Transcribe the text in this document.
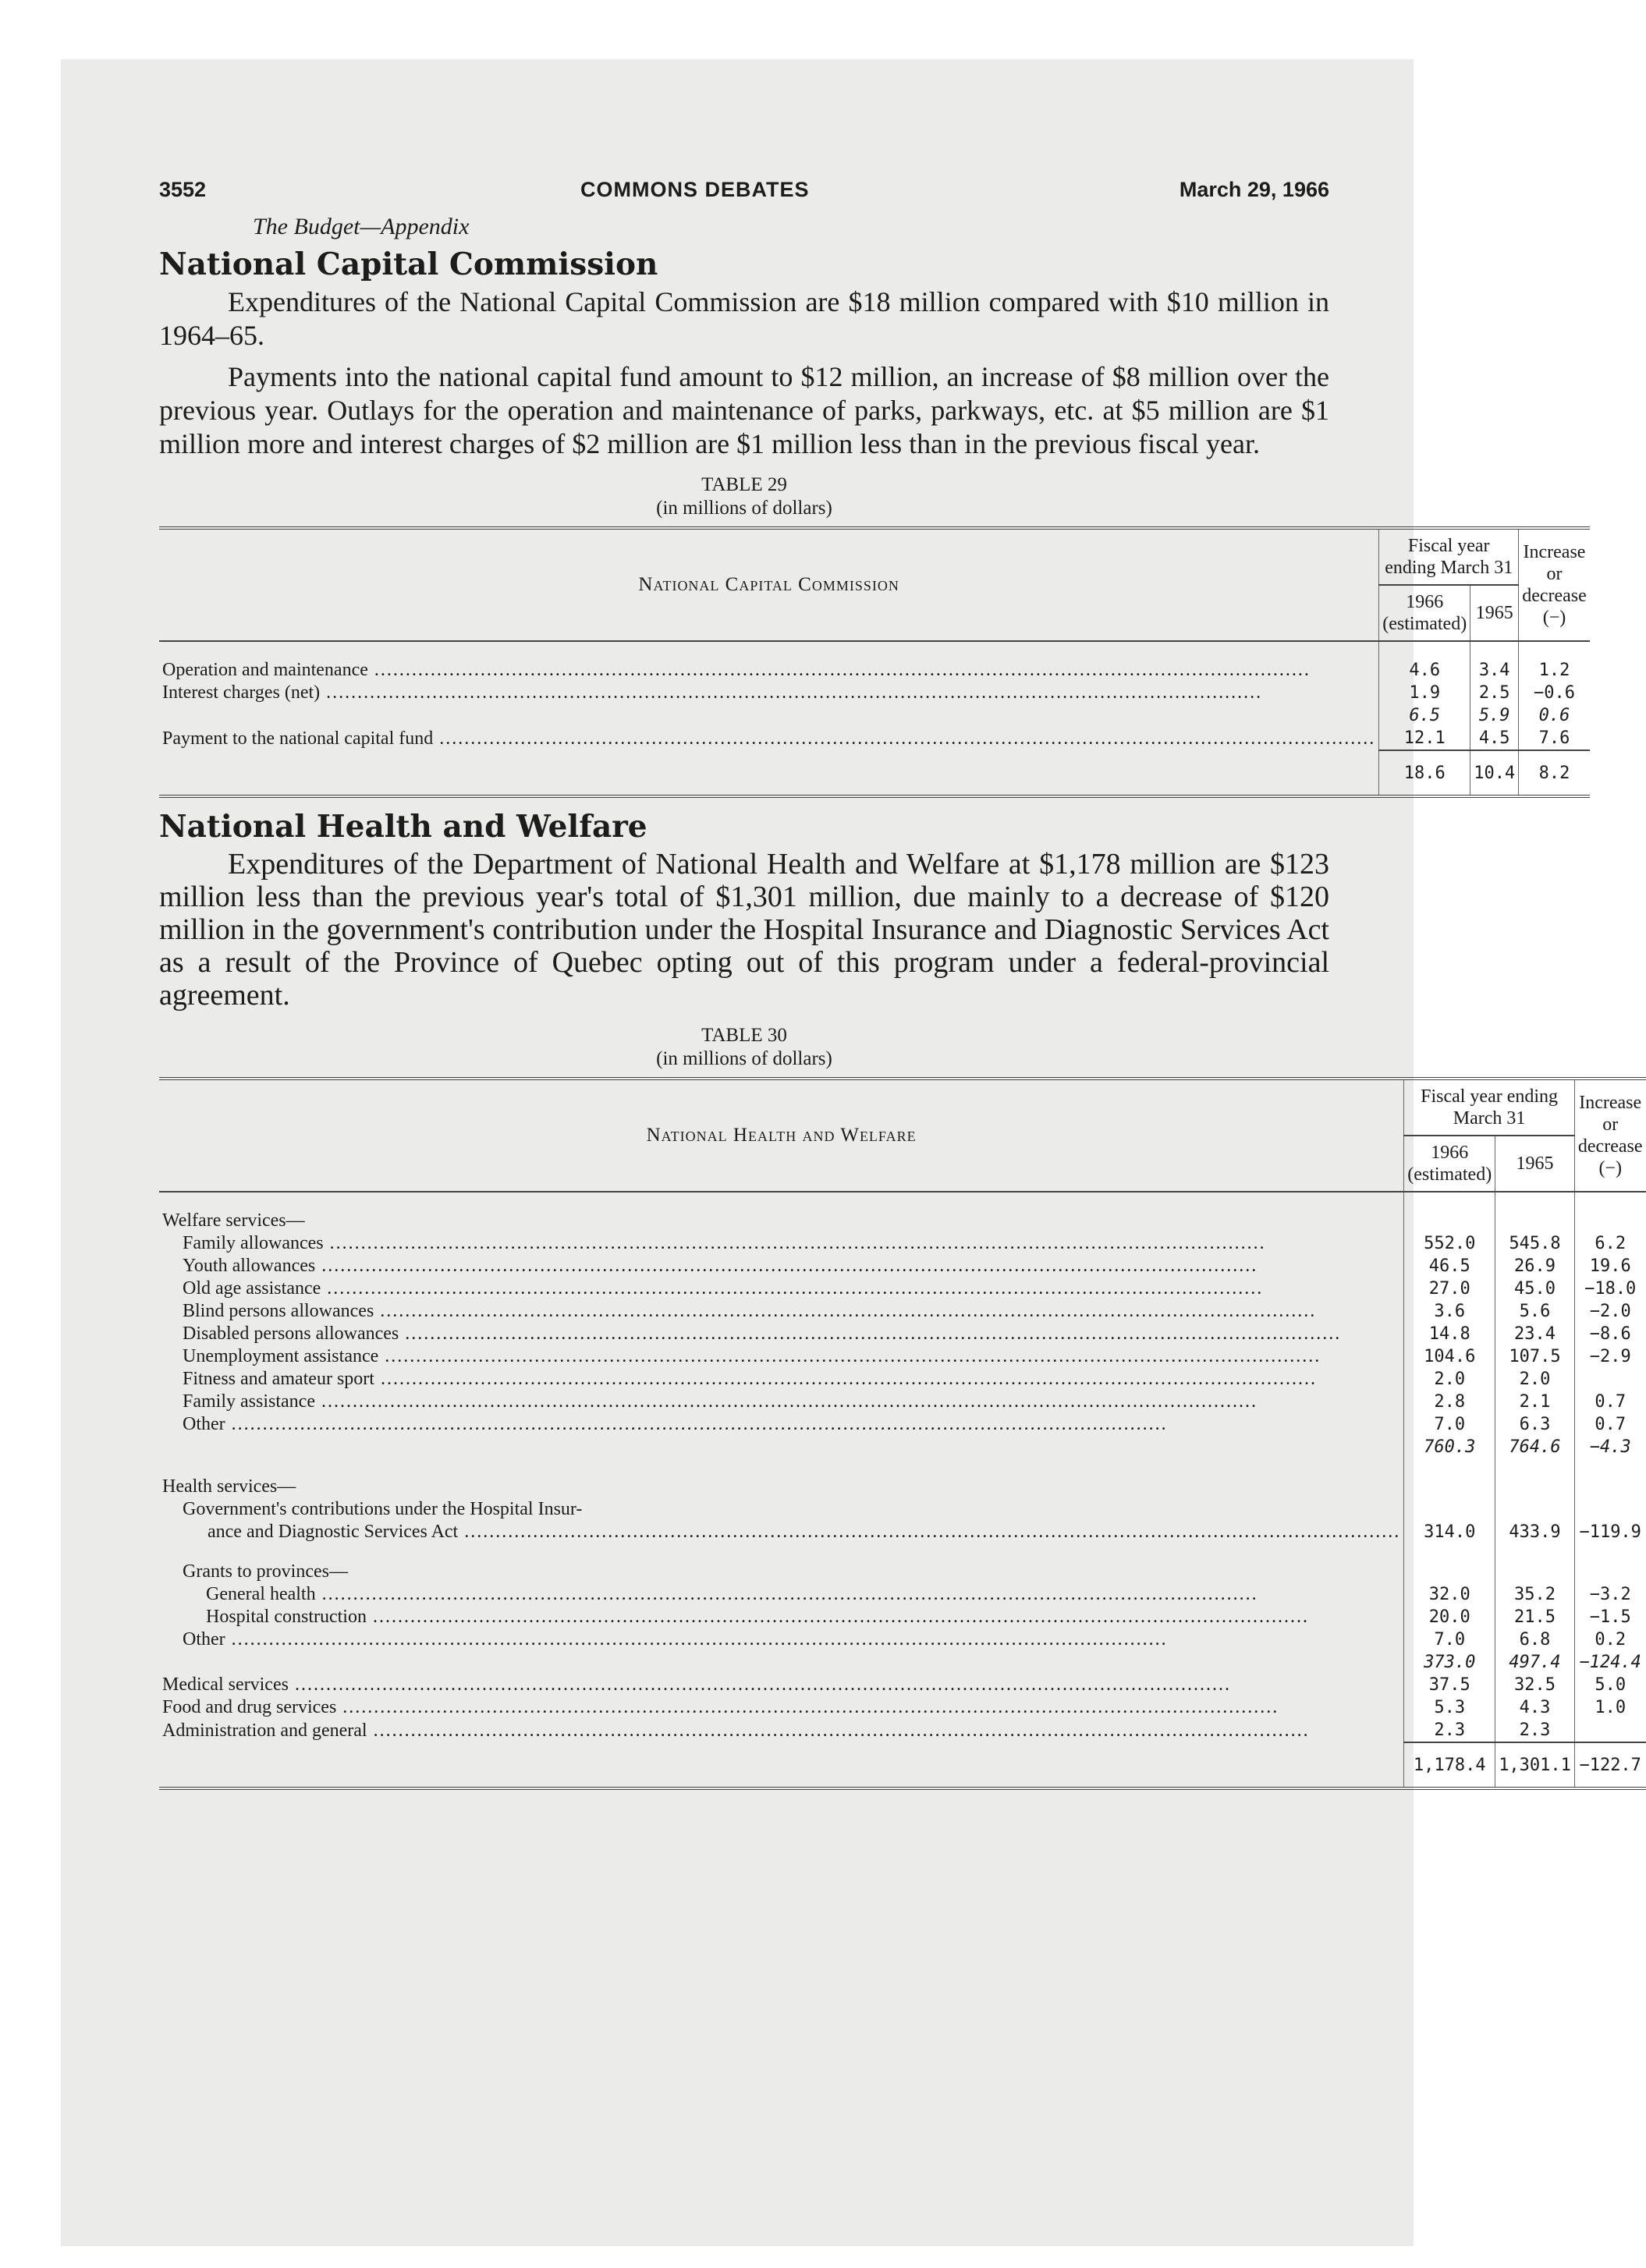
3552	COMMONS DEBATES	March 29, 1966
The Budget—Appendix
National Capital Commission

Expenditures of the National Capital Commission are $18 million compared with $10 million in 1964–65.

Payments into the national capital fund amount to $12 million, an increase of $8 million over the previous year. Outlays for the operation and maintenance of parks, parkways, etc. at $5 million are $1 million more and interest charges of $2 million are $1 million less than in the previous fiscal year.

TABLE 29
(in millions of dollars)
National Capital Commission	Fiscal year ending March 31		Increase or decrease (−)
	1966 (estimated)	1965	

Operation and maintenance .....	4.6	3.4	1.2
Interest charges (net) .....	1.9	2.5	−0.6
	6.5	5.9	0.6
Payment to the national capital fund .....	12.1	4.5	7.6
	18.6	10.4	8.2
National Health and Welfare

Expenditures of the Department of National Health and Welfare at $1,178 million are $123 million less than the previous year's total of $1,301 million, due mainly to a decrease of $120 million in the government's contribution under the Hospital Insurance and Diagnostic Services Act as a result of the Province of Quebec opting out of this program under a federal-provincial agreement.

TABLE 30
(in millions of dollars)
National Health and Welfare	Fiscal year ending March 31		Increase or decrease (−)
	1966 (estimated)	1965	

Welfare services—			
Family allowances .....	552.0	545.8	6.2
Youth allowances .....	46.5	26.9	19.6
Old age assistance .....	27.0	45.0	−18.0
Blind persons allowances .....	3.6	5.6	−2.0
Disabled persons allowances .....	14.8	23.4	−8.6
Unemployment assistance .....	104.6	107.5	−2.9
Fitness and amateur sport .....	2.0	2.0	
Family assistance .....	2.8	2.1	0.7
Other .....	7.0	6.3	0.7
	760.3	764.6	−4.3

Health services—			
Government's contributions under the Hospital Insur-			
ance and Diagnostic Services Act .....	314.0	433.9	−119.9

Grants to provinces—			
General health .....	32.0	35.2	−3.2
Hospital construction .....	20.0	21.5	−1.5
Other .....	7.0	6.8	0.2
	373.0	497.4	−124.4
Medical services .....	37.5	32.5	5.0
Food and drug services .....	5.3	4.3	1.0
Administration and general .....	2.3	2.3	
	1,178.4	1,301.1	−122.7
